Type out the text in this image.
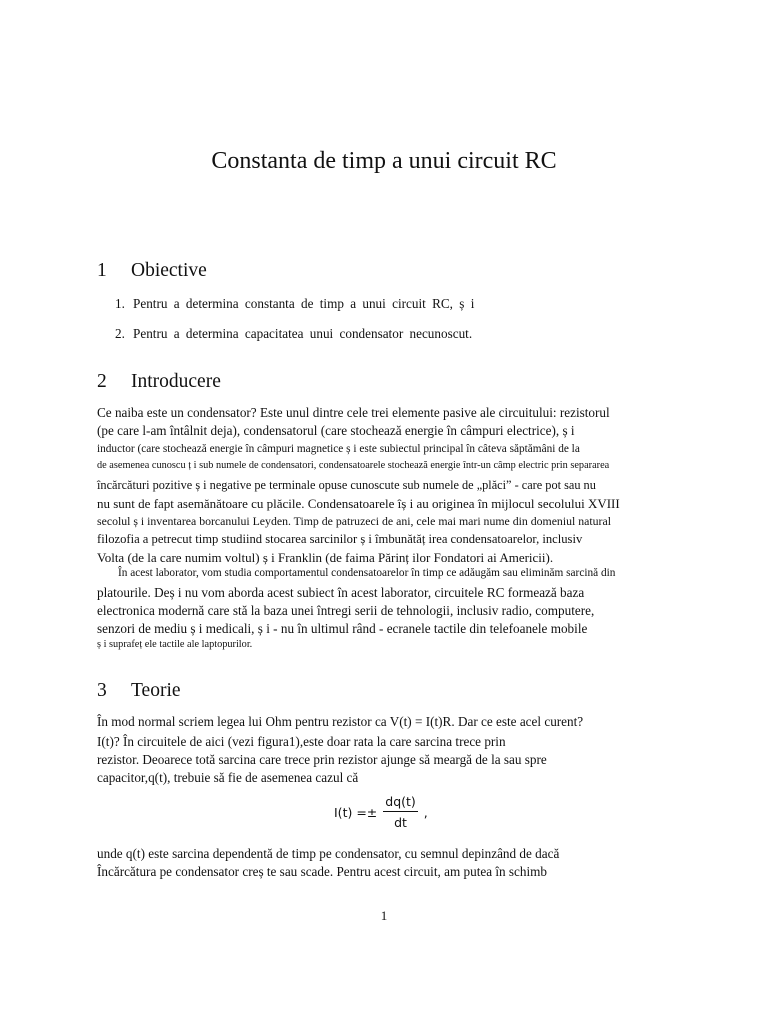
Constanta de timp a unui circuit RC
1 Obiective
1. Pentru a determina constanta de timp a unui circuit RC, ș i
2. Pentru a determina capacitatea unui condensator necunoscut.
2 Introducere
Ce naiba este un condensator? Este unul dintre cele trei elemente pasive ale circuitului: rezistorul
(pe care l-am întâlnit deja), condensatorul (care stochează energie în câmpuri electrice), ș i
inductor (care stochează energie în câmpuri magnetice ș i este subiectul principal în câteva săptămâni de la
de asemenea cunoscu ț i sub numele de condensatori, condensatoarele stochează energie într-un câmp electric prin separarea
încărcături pozitive ș i negative pe terminale opuse cunoscute sub numele de „plăci” - care pot sau nu
nu sunt de fapt asemănătoare cu plăcile. Condensatoarele îș i au originea în mijlocul secolului XVIII
secolul ș i inventarea borcanului Leyden. Timp de patruzeci de ani, cele mai mari nume din domeniul natural
filozofia a petrecut timp studiind stocarea sarcinilor ș i îmbunătăț irea condensatoarelor, inclusiv
Volta (de la care numim voltul) ș i Franklin (de faima Părinț ilor Fondatori ai Americii).
În acest laborator, vom studia comportamentul condensatoarelor în timp ce adăugăm sau eliminăm sarcină din
platourile. Deș i nu vom aborda acest subiect în acest laborator, circuitele RC formează baza
electronica modernă care stă la baza unei întregi serii de tehnologii, inclusiv radio, computere,
senzori de mediu ș i medicali, ș i - nu în ultimul rând - ecranele tactile din telefoanele mobile
ș i suprafeț ele tactile ale laptopurilor.
3 Teorie
În mod normal scriem legea lui Ohm pentru rezistor ca V(t) = I(t)R. Dar ce este acel curent?
I(t)? În circuitele de aici (vezi figura1),este doar rata la care sarcina trece prin
rezistor. Deoarece totă sarcina care trece prin rezistor ajunge să meargă de la sau spre
capacitor,q(t), trebuie să fie de asemenea cazul că
$I(t) =\pm \frac{dq(t)}{dt}$ ,
unde q(t) este sarcina dependentă de timp pe condensator, cu semnul depinzând de dacă
Încărcătura pe condensator creș te sau scade. Pentru acest circuit, am putea în schimb
1
